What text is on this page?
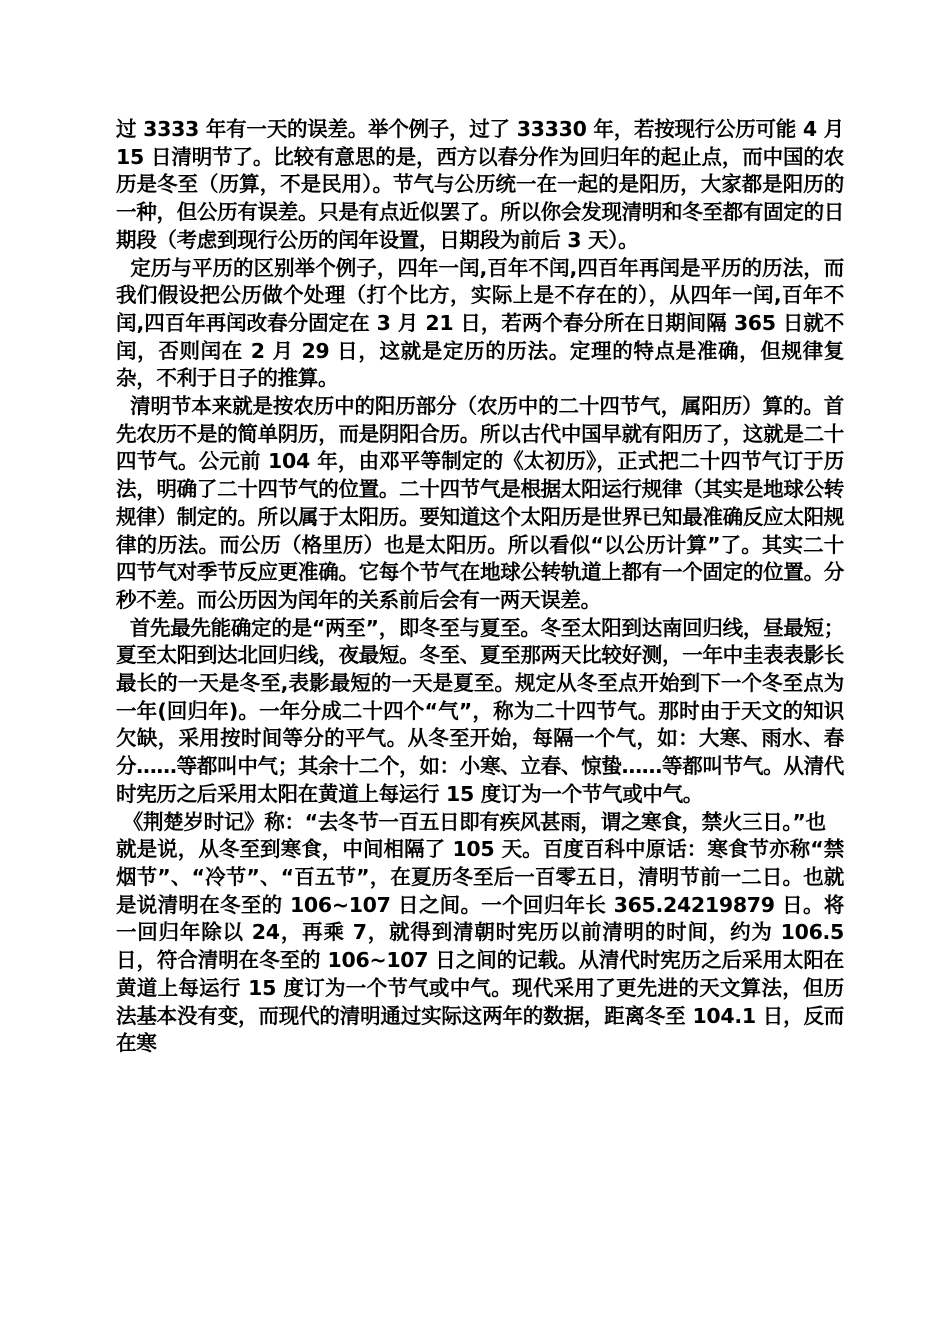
过 3333 年有一天的误差。举个例子，过了 33330 年，若按现行公历可能 4 月 15 日清明节了。比较有意思的是，西方以春分作为回归年的起止点，而中国的农历是冬至（历算，不是民用）。节气与公历统一在一起的是阳历，大家都是阳历的一种，但公历有误差。只是有点近似罢了。所以你会发现清明和冬至都有固定的日期段（考虑到现行公历的闰年设置，日期段为前后 3 天）。

定历与平历的区别举个例子，四年一闰,百年不闰,四百年再闰是平历的历法，而我们假设把公历做个处理（打个比方，实际上是不存在的），从四年一闰,百年不闰,四百年再闰改春分固定在 3 月 21 日，若两个春分所在日期间隔 365 日就不闰，否则闰在 2 月 29 日，这就是定历的历法。定理的特点是准确，但规律复杂，不利于日子的推算。

清明节本来就是按农历中的阳历部分（农历中的二十四节气，属阳历）算的。首先农历不是的简单阴历，而是阴阳合历。所以古代中国早就有阳历了，这就是二十四节气。公元前 104 年，由邓平等制定的《太初历》，正式把二十四节气订于历法，明确了二十四节气的位置。二十四节气是根据太阳运行规律（其实是地球公转规律）制定的。所以属于太阳历。要知道这个太阳历是世界已知最准确反应太阳规律的历法。而公历（格里历）也是太阳历。所以看似“以公历计算”了。其实二十四节气对季节反应更准确。它每个节气在地球公转轨道上都有一个固定的位置。分秒不差。而公历因为闰年的关系前后会有一两天误差。

首先最先能确定的是“两至”，即冬至与夏至。冬至太阳到达南回归线，昼最短；夏至太阳到达北回归线，夜最短。冬至、夏至那两天比较好测，一年中圭表表影长最长的一天是冬至,表影最短的一天是夏至。规定从冬至点开始到下一个冬至点为一年(回归年)。一年分成二十四个“气”，称为二十四节气。那时由于天文的知识欠缺，采用按时间等分的平气。从冬至开始，每隔一个气，如：大寒、雨水、春分……等都叫中气；其余十二个，如：小寒、立春、惊蛰……等都叫节气。从清代时宪历之后采用太阳在黄道上每运行 15 度订为一个节气或中气。

《荆楚岁时记》称：“去冬节一百五日即有疾风甚雨，谓之寒食，禁火三日。”也

就是说，从冬至到寒食，中间相隔了 105 天。百度百科中原话：寒食节亦称“禁烟节”、“冷节”、“百五节”，在夏历冬至后一百零五日，清明节前一二日。也就是说清明在冬至的 106~107 日之间。一个回归年长 365.24219879 日。将一回归年除以 24，再乘 7，就得到清朝时宪历以前清明的时间，约为 106.5 日，符合清明在冬至的 106~107 日之间的记载。从清代时宪历之后采用太阳在黄道上每运行 15 度订为一个节气或中气。现代采用了更先进的天文算法，但历法基本没有变，而现代的清明通过实际这两年的数据，距离冬至 104.1 日，反而在寒
